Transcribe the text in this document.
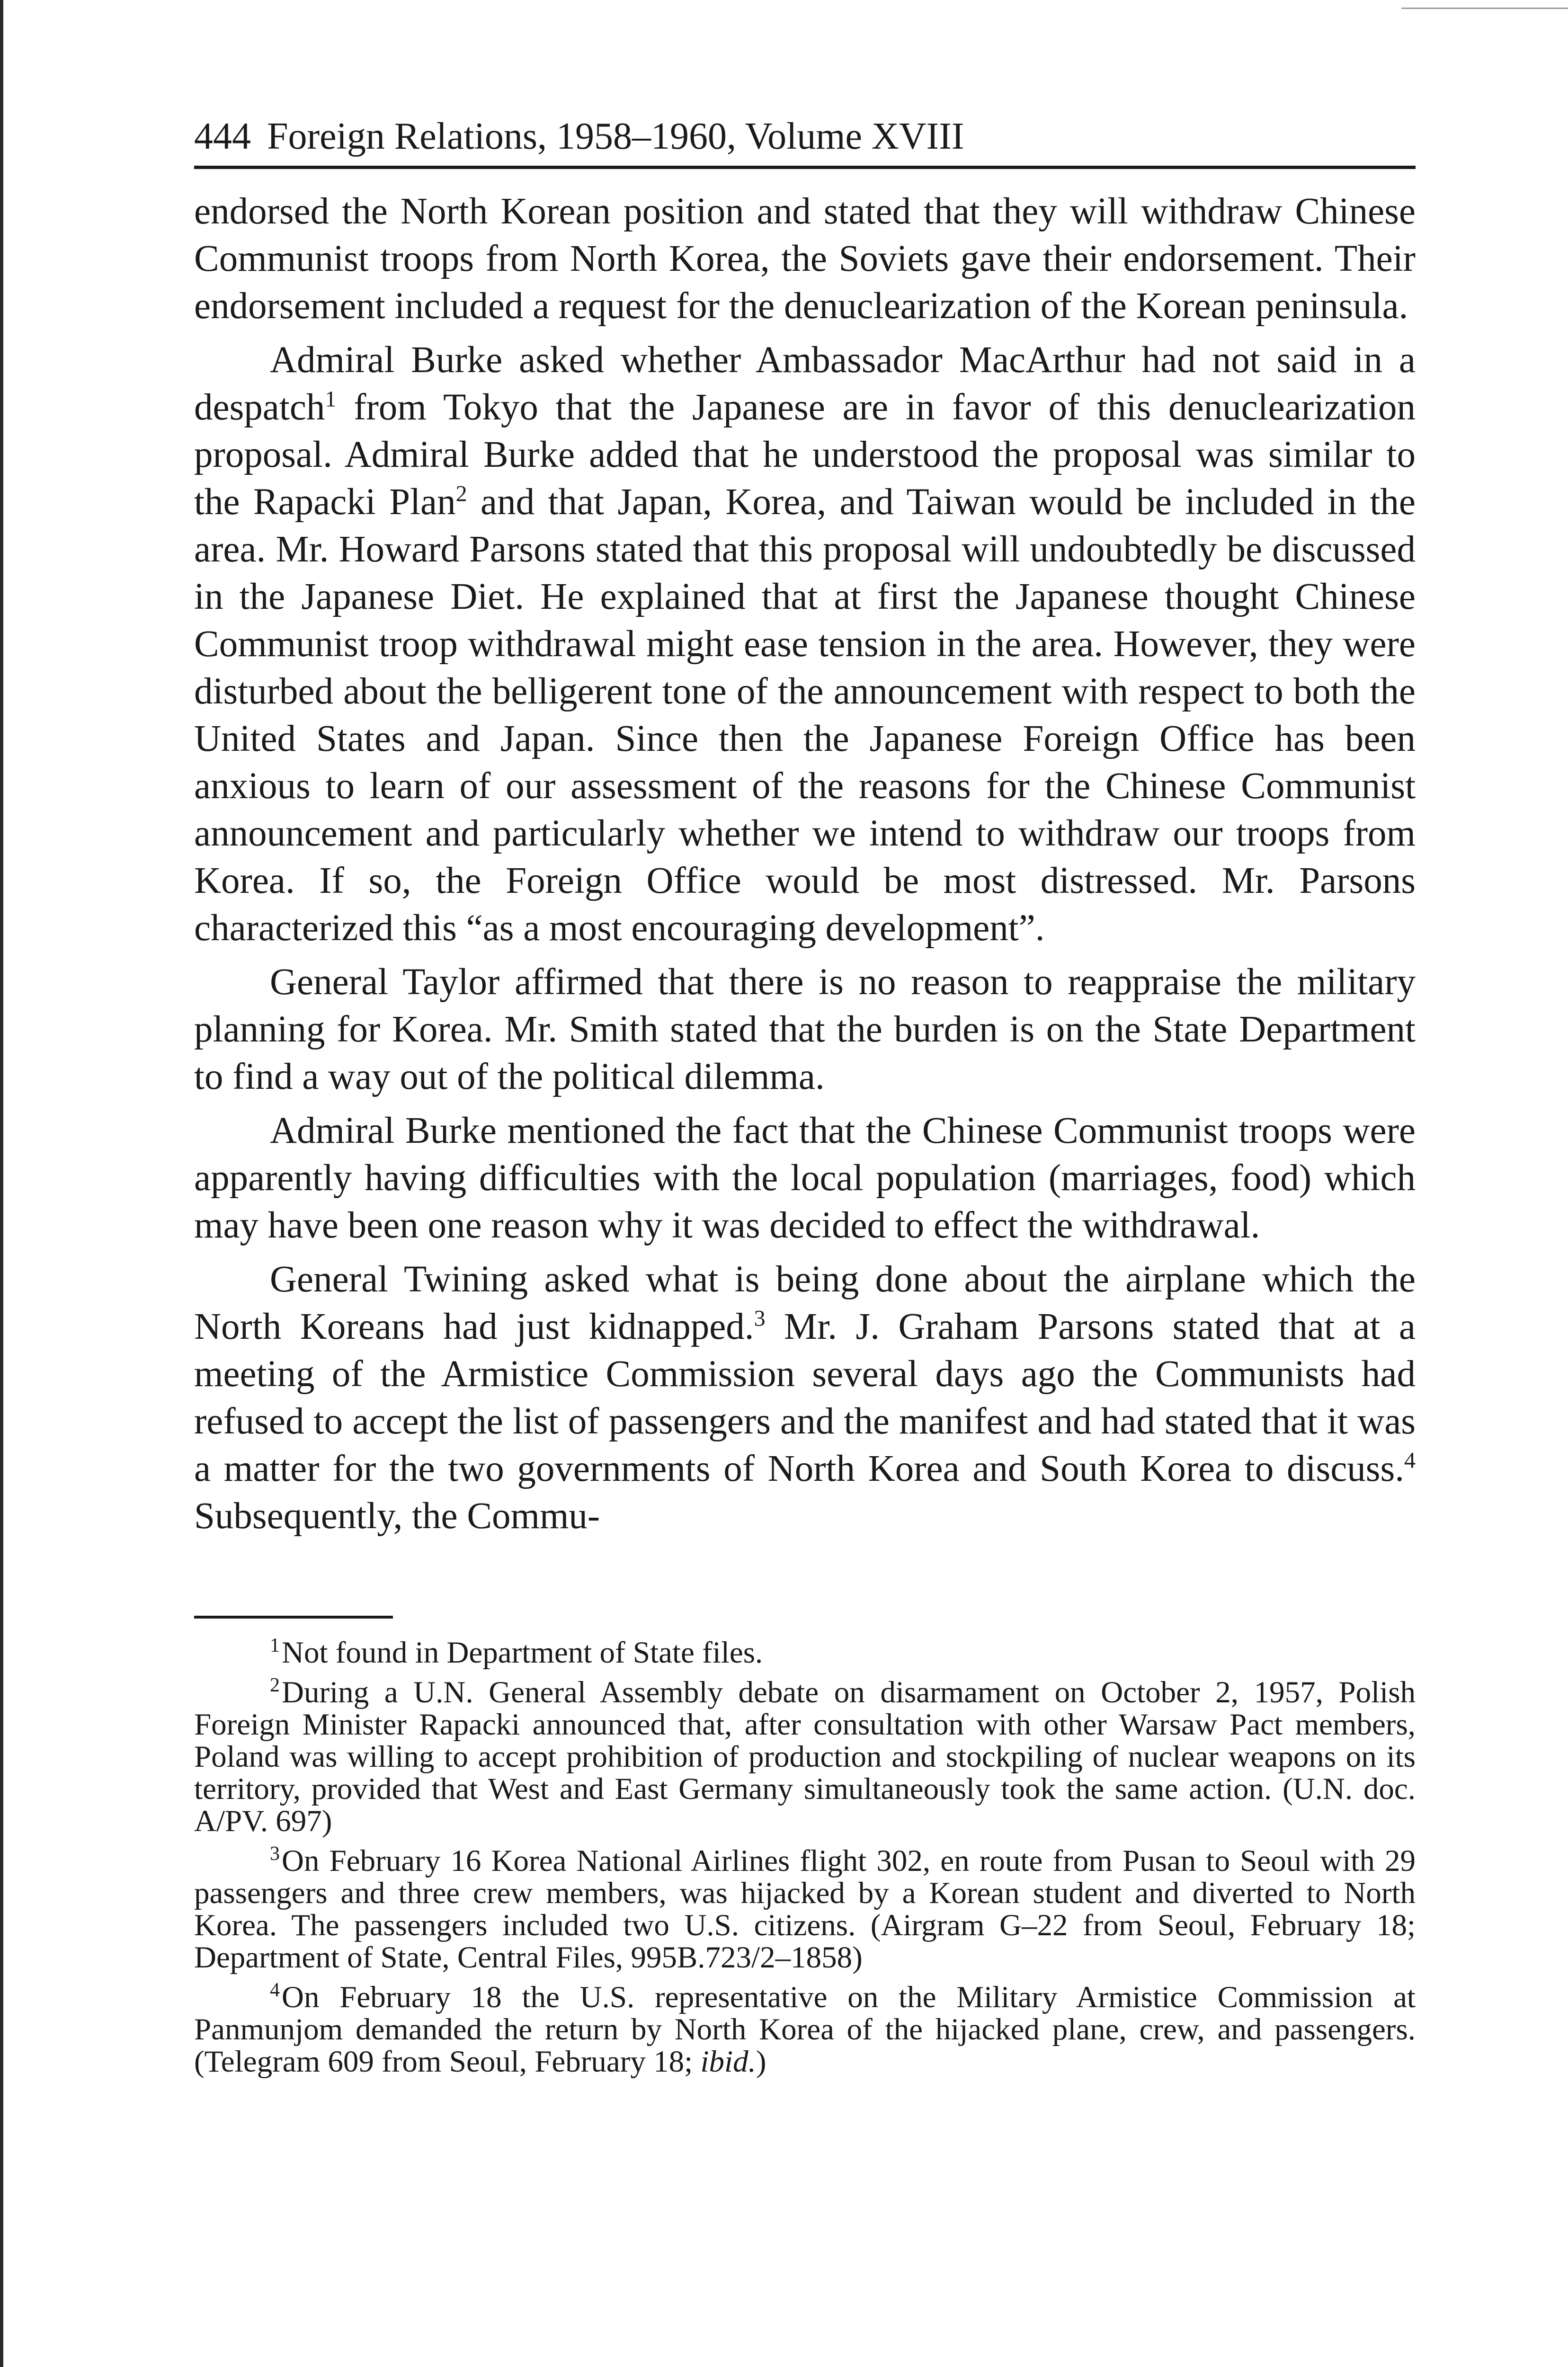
444 Foreign Relations, 1958–1960, Volume XVIII

endorsed the North Korean position and stated that they will withdraw Chinese Communist troops from North Korea, the Soviets gave their endorsement. Their endorsement included a request for the denuclearization of the Korean peninsula.

Admiral Burke asked whether Ambassador MacArthur had not said in a despatch$^1$ from Tokyo that the Japanese are in favor of this denuclearization proposal. Admiral Burke added that he understood the proposal was similar to the Rapacki Plan$^2$ and that Japan, Korea, and Taiwan would be included in the area. Mr. Howard Parsons stated that this proposal will undoubtedly be discussed in the Japanese Diet. He explained that at first the Japanese thought Chinese Communist troop withdrawal might ease tension in the area. However, they were disturbed about the belligerent tone of the announcement with respect to both the United States and Japan. Since then the Japanese Foreign Office has been anxious to learn of our assessment of the reasons for the Chinese Communist announcement and particularly whether we intend to withdraw our troops from Korea. If so, the Foreign Office would be most distressed. Mr. Parsons characterized this “as a most encouraging development”.

General Taylor affirmed that there is no reason to reappraise the military planning for Korea. Mr. Smith stated that the burden is on the State Department to find a way out of the political dilemma.

Admiral Burke mentioned the fact that the Chinese Communist troops were apparently having difficulties with the local population (marriages, food) which may have been one reason why it was decided to effect the withdrawal.

General Twining asked what is being done about the airplane which the North Koreans had just kidnapped.$^3$ Mr. J. Graham Parsons stated that at a meeting of the Armistice Commission several days ago the Communists had refused to accept the list of passengers and the manifest and had stated that it was a matter for the two governments of North Korea and South Korea to discuss.$^4$ Subsequently, the Commu-

$^1$Not found in Department of State files.

$^2$During a U.N. General Assembly debate on disarmament on October 2, 1957, Polish Foreign Minister Rapacki announced that, after consultation with other Warsaw Pact members, Poland was willing to accept prohibition of production and stockpiling of nuclear weapons on its territory, provided that West and East Germany simultaneously took the same action. (U.N. doc. A/PV. 697)

$^3$On February 16 Korea National Airlines flight 302, en route from Pusan to Seoul with 29 passengers and three crew members, was hijacked by a Korean student and diverted to North Korea. The passengers included two U.S. citizens. (Airgram G–22 from Seoul, February 18; Department of State, Central Files, 995B.723/2–1858)

$^4$On February 18 the U.S. representative on the Military Armistice Commission at Panmunjom demanded the return by North Korea of the hijacked plane, crew, and passengers. (Telegram 609 from Seoul, February 18; ibid.)
